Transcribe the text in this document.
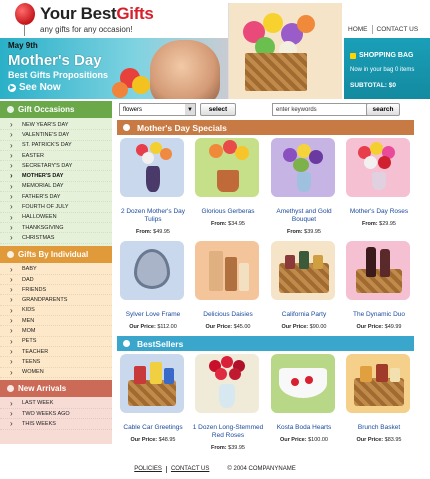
Your BestGifts
any gifts for any occasion!	HOME	CONTACT US
May 9th
Mother's Day
Best Gifts Propositions
▶ See Now
SHOPPING BAG
Now in your bag 0 items
SUBTOTAL: $0
Gift Occasions
› NEW YEAR'S DAY
› VALENTINE'S DAY
› ST. PATRICK'S DAY
› EASTER
› SECRETARY'S DAY
› MOTHER'S DAY
› MEMORIAL DAY
› FATHER'S DAY
› FOURTH OF JULY
› HALLOWEEN
› THANKSGIVING
› CHRISTMAS
Gifts By Individual
› BABY
› DAD
› FRIENDS
› GRANDPARENTS
› KIDS
› MEN
› MOM
› PETS
› TEACHER
› TEENS
› WOMEN
New Arrivals
› LAST WEEK
› TWO WEEKS AGO
› THIS WEEKS
flowers	▼	select	enter keywords	search
Mother's Day Specials
2 Dozen Mother's Day Tulips
From: $49.95
Glorious Gerberas
From: $34.95
Amethyst and Gold Bouquet
From: $39.95
Mother's Day Roses
From: $29.95
Sylver Love Frame
Our Price: $112.00
Delicious Daisies
Our Price: $45.00
California Party
Our Price: $90.00
The Dynamic Duo
Our Price: $49.99
BestSellers
Cable Car Greetings
Our Price: $48.95
1 Dozen Long-Stemmed Red Roses
From: $39.95
Kosta Boda Hearts
Our Price: $100.00
Brunch Basket
Our Price: $83.95
POLICIES CONTACT US	© 2004 COMPANYNAME
